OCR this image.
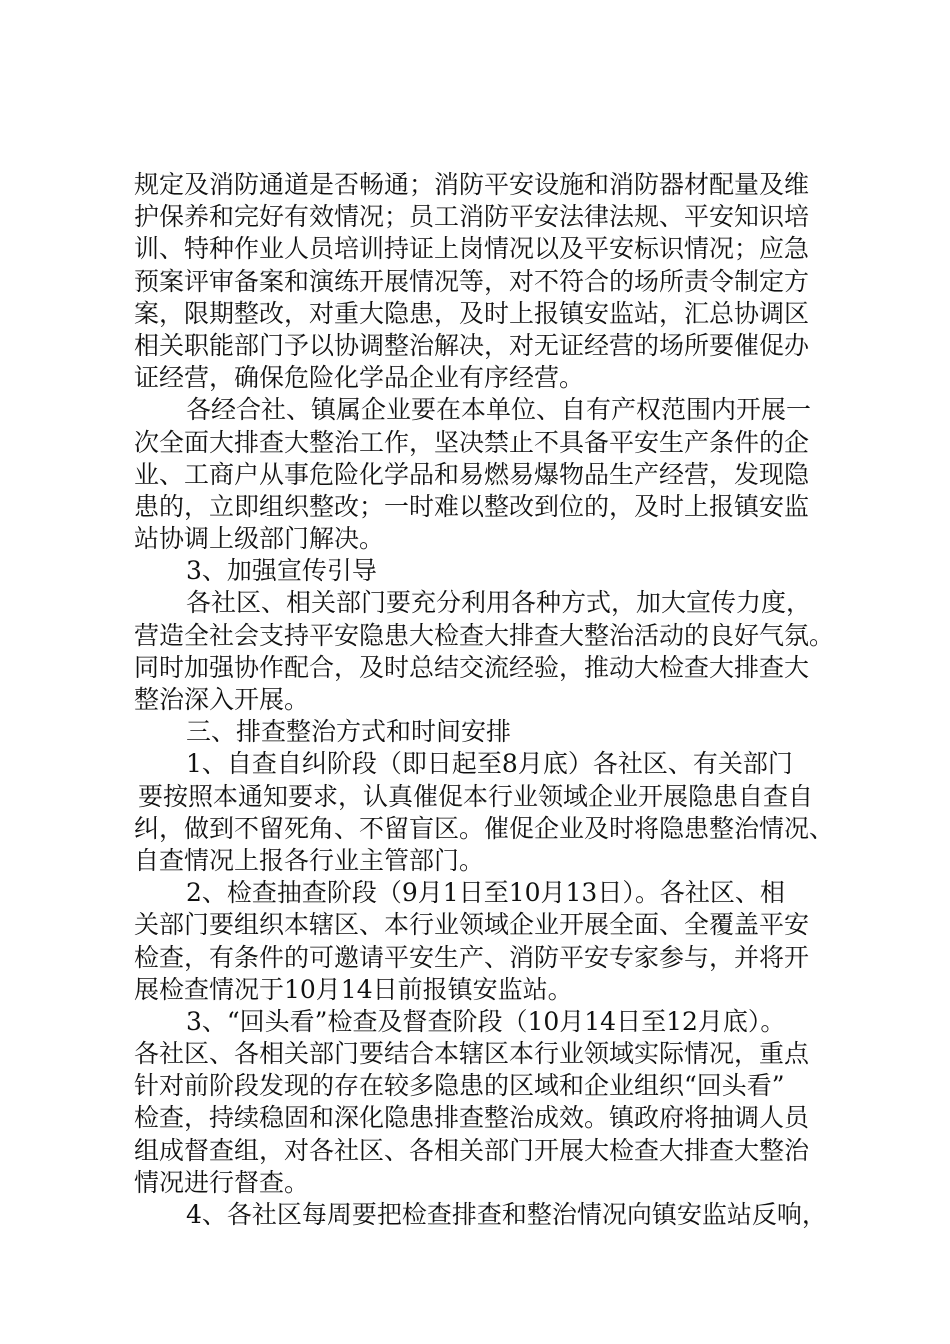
规定及消防通道是否畅通；消防平安设施和消防器材配量及维
护保养和完好有效情况；员工消防平安法律法规、平安知识培
训、特种作业人员培训持证上岗情况以及平安标识情况；应急
预案评审备案和演练开展情况等，对不符合的场所责令制定方
案，限期整改，对重大隐患，及时上报镇安监站，汇总协调区
相关职能部门予以协调整治解决，对无证经营的场所要催促办
证经营，确保危险化学品企业有序经营。
各经合社、镇属企业要在本单位、自有产权范围内开展一
次全面大排查大整治工作，坚决禁止不具备平安生产条件的企
业、工商户从事危险化学品和易燃易爆物品生产经营，发现隐
患的，立即组织整改；一时难以整改到位的，及时上报镇安监
站协调上级部门解决。
3、加强宣传引导
各社区、相关部门要充分利用各种方式，加大宣传力度，
营造全社会支持平安隐患大检查大排查大整治活动的良好气氛。
同时加强协作配合，及时总结交流经验，推动大检查大排查大
整治深入开展。
三、排查整治方式和时间安排
1、自查自纠阶段（即日起至8月底）各社区、有关部门
要按照本通知要求，认真催促本行业领域企业开展隐患自查自
纠，做到不留死角、不留盲区。催促企业及时将隐患整治情况、
自查情况上报各行业主管部门。
2、检查抽查阶段（9月1日至10月13日）。各社区、相
关部门要组织本辖区、本行业领域企业开展全面、全覆盖平安
检查，有条件的可邀请平安生产、消防平安专家参与，并将开
展检查情况于10月14日前报镇安监站。
3、“回头看”检查及督查阶段（10月14日至12月底）。
各社区、各相关部门要结合本辖区本行业领域实际情况，重点
针对前阶段发现的存在较多隐患的区域和企业组织“回头看”
检查，持续稳固和深化隐患排查整治成效。镇政府将抽调人员
组成督查组，对各社区、各相关部门开展大检查大排查大整治
情况进行督查。
4、各社区每周要把检查排查和整治情况向镇安监站反响，
